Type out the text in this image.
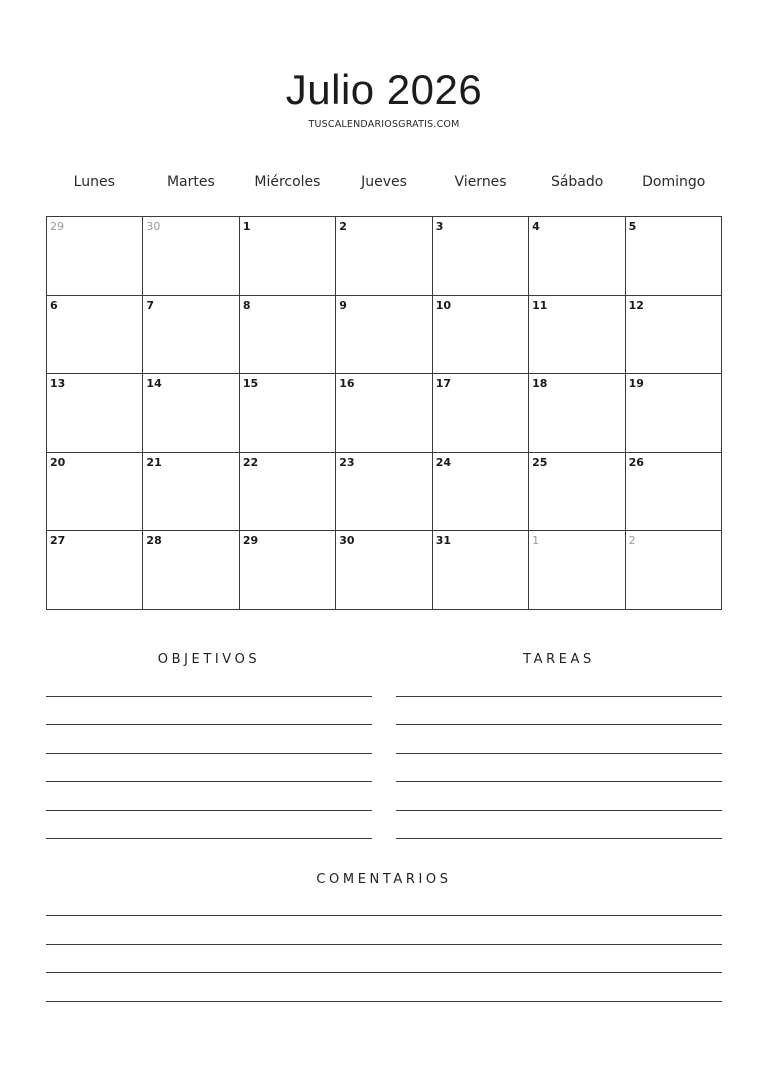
Julio 2026
TUSCALENDARIOSGRATIS.COM
Lunes	Martes	Miércoles	Jueves	Viernes	Sábado	Domingo
29	30	1	2	3	4	5
6	7	8	9	10	11	12
13	14	15	16	17	18	19
20	21	22	23	24	25	26
27	28	29	30	31	1	2
OBJETIVOS	TAREAS
COMENTARIOS
